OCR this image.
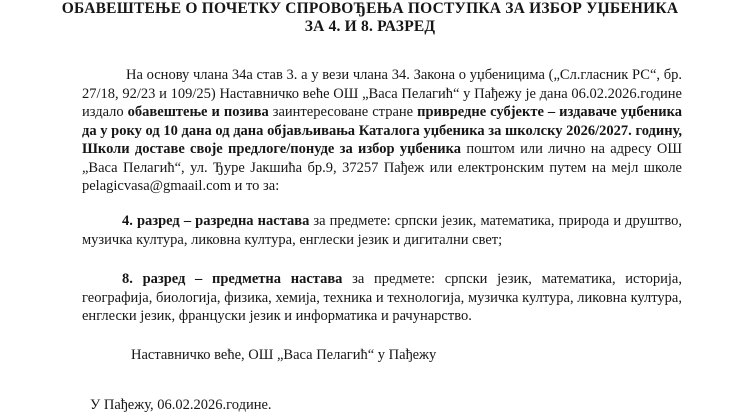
ОБАВЕШТЕЊЕ О ПОЧЕТКУ СПРОВОЂЕЊА ПОСТУПКА ЗА ИЗБОР УЏБЕНИКА
ЗА 4. И 8. РАЗРЕД
На основу члана 34а став 3. а у вези члана 34. Закона о уџбеницима („Сл.гласник РС“, бр. 27/18, 92/23 и 109/25) Наставничко веће ОШ „Васа Пелагић“ у Пађежу је дана 06.02.2026.године издало обавештење и позива заинтересоване стране привредне субјекте – издаваче уџбеника да у року од 10 дана од дана објављивања Каталога уџбеника за школску 2026/2027. годину, Школи доставе своје предлоге/понуде за избор уџбеника поштом или лично на адресу ОШ „Васа Пелагић“, ул. Ђуре Јакшића бр.9, 37257 Пађеж или електронским путем на мејл школе pelagicvasa@gmaail.com и то за:
4. разред – разредна настава за предмете: српски језик, математика, природа и друштво, музичка култура, ликовна култура, енглески језик и дигитални свет;
8. разред – предметна настава за предмете: српски језик, математика, историја, географија, биологија, физика, хемија, техника и технологија, музичка култура, ликовна култура, енглески језик, француски језик и информатика и рачунарство.
Наставничко веће, ОШ „Васа Пелагић“ у Пађежу
У Пађежу, 06.02.2026.године.
